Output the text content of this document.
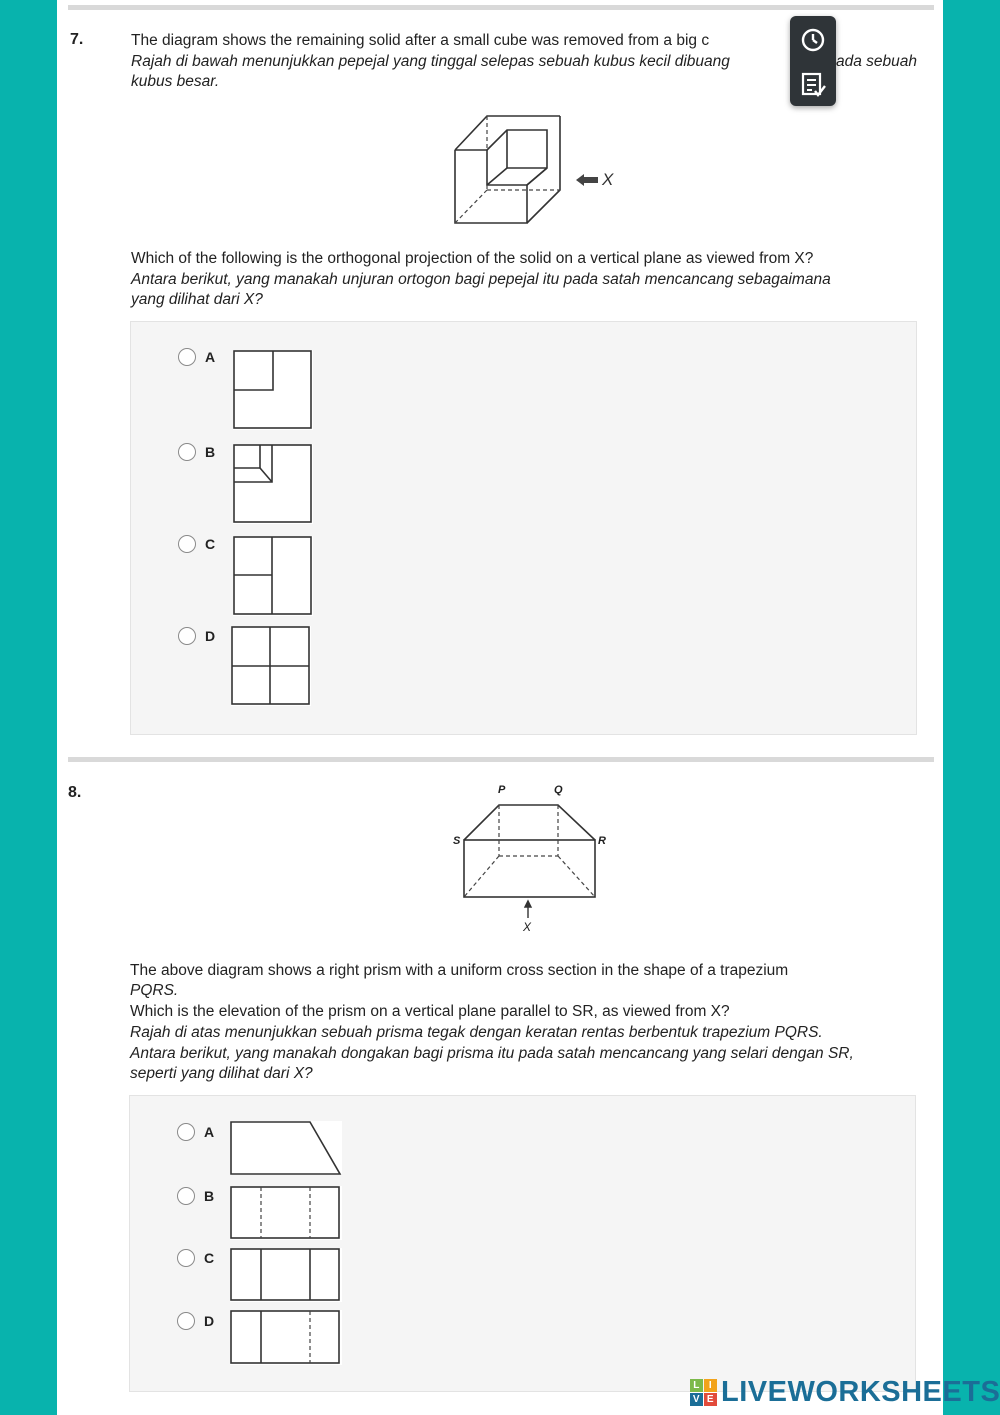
7.	The diagram shows the remaining solid after a small cube was removed from a big c
Rajah di bawah menunjukkan pepejal yang tinggal selepas sebuah kubus kecil dibuang	ada sebuah
kubus besar.
X
Which of the following is the orthogonal projection of the solid on a vertical plane as viewed from X?
Antara berikut, yang manakah unjuran ortogon bagi pepejal itu pada satah mencancang sebagaimana
yang dilihat dari X?
A
B
C
D
8.	P	Q
S	R
X
The above diagram shows a right prism with a uniform cross section in the shape of a trapezium
PQRS.
Which is the elevation of the prism on a vertical plane parallel to SR, as viewed from X?
Rajah di atas menunjukkan sebuah prisma tegak dengan keratan rentas berbentuk trapezium PQRS.
Antara berikut, yang manakah dongakan bagi prisma itu pada satah mencancang yang selari dengan SR,
seperti yang dilihat dari X?
A
B
C
D
L I
V E LIVEWORKSHEETS
